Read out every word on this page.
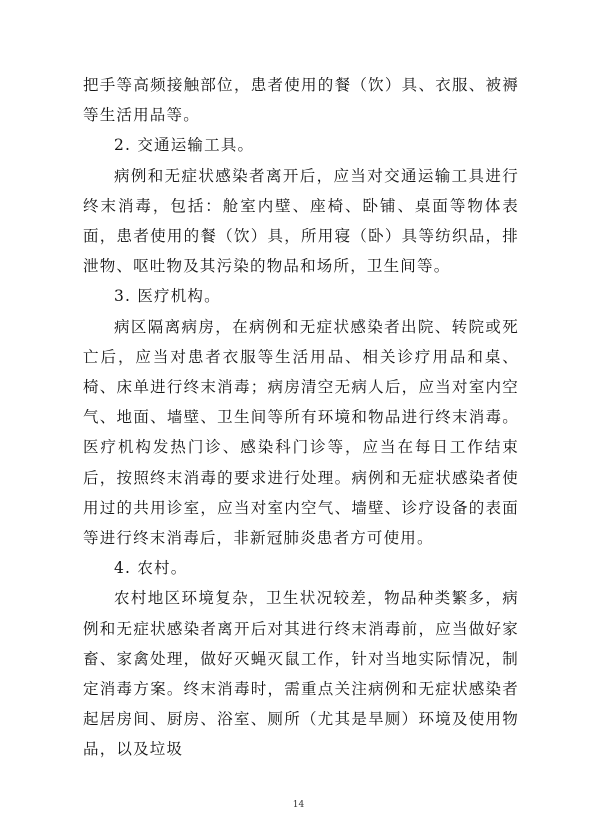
把手等高频接触部位，患者使用的餐（饮）具、衣服、被褥等生活用品等。

2. 交通运输工具。

病例和无症状感染者离开后，应当对交通运输工具进行终末消毒，包括：舱室内壁、座椅、卧铺、桌面等物体表面，患者使用的餐（饮）具，所用寝（卧）具等纺织品，排泄物、呕吐物及其污染的物品和场所，卫生间等。

3. 医疗机构。

病区隔离病房，在病例和无症状感染者出院、转院或死亡后，应当对患者衣服等生活用品、相关诊疗用品和桌、椅、床单进行终末消毒；病房清空无病人后，应当对室内空气、地面、墙壁、卫生间等所有环境和物品进行终末消毒。医疗机构发热门诊、感染科门诊等，应当在每日工作结束后，按照终末消毒的要求进行处理。病例和无症状感染者使用过的共用诊室，应当对室内空气、墙壁、诊疗设备的表面等进行终末消毒后，非新冠肺炎患者方可使用。

4. 农村。

农村地区环境复杂，卫生状况较差，物品种类繁多，病例和无症状感染者离开后对其进行终末消毒前，应当做好家畜、家禽处理，做好灭蝇灭鼠工作，针对当地实际情况，制定消毒方案。终末消毒时，需重点关注病例和无症状感染者起居房间、厨房、浴室、厕所（尤其是旱厕）环境及使用物品，以及垃圾

14
